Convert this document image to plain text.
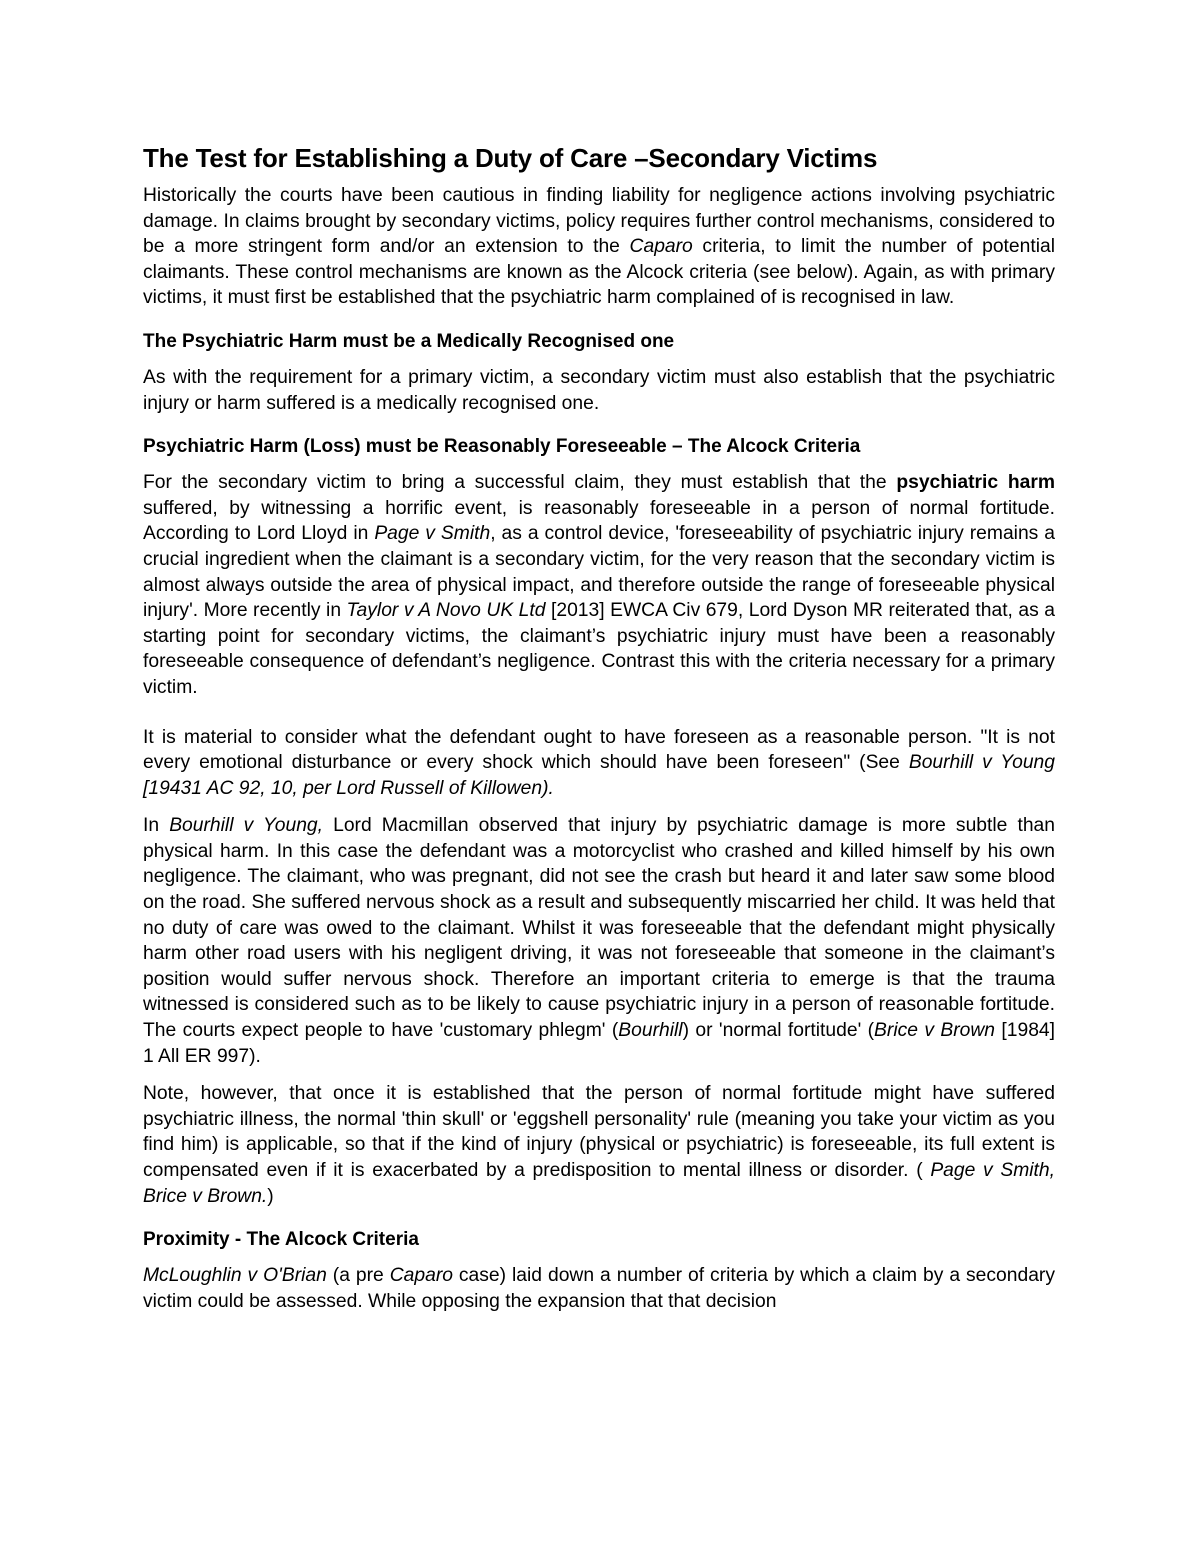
The Test for Establishing a Duty of Care –Secondary Victims

Historically the courts have been cautious in finding liability for negligence actions involving psychiatric damage. In claims brought by secondary victims, policy requires further control mechanisms, considered to be a more stringent form and/or an extension to the Caparo criteria, to limit the number of potential claimants. These control mechanisms are known as the Alcock criteria (see below). Again, as with primary victims, it must first be established that the psychiatric harm complained of is recognised in law.

The Psychiatric Harm must be a Medically Recognised one

As with the requirement for a primary victim, a secondary victim must also establish that the psychiatric injury or harm suffered is a medically recognised one.

Psychiatric Harm (Loss) must be Reasonably Foreseeable – The Alcock Criteria

For the secondary victim to bring a successful claim, they must establish that the psychiatric harm suffered, by witnessing a horrific event, is reasonably foreseeable in a person of normal fortitude. According to Lord Lloyd in Page v Smith, as a control device, 'foreseeability of psychiatric injury remains a crucial ingredient when the claimant is a secondary victim, for the very reason that the secondary victim is almost always outside the area of physical impact, and therefore outside the range of foreseeable physical injury'. More recently in Taylor v A Novo UK Ltd [2013] EWCA Civ 679, Lord Dyson MR reiterated that, as a starting point for secondary victims, the claimant’s psychiatric injury must have been a reasonably foreseeable consequence of defendant’s negligence. Contrast this with the criteria necessary for a primary victim.

It is material to consider what the defendant ought to have foreseen as a reasonable person. "It is not every emotional disturbance or every shock which should have been foreseen" (See Bourhill v Young [19431 AC 92, 10, per Lord Russell of Killowen).

In Bourhill v Young, Lord Macmillan observed that injury by psychiatric damage is more subtle than physical harm. In this case the defendant was a motorcyclist who crashed and killed himself by his own negligence. The claimant, who was pregnant, did not see the crash but heard it and later saw some blood on the road. She suffered nervous shock as a result and subsequently miscarried her child. It was held that no duty of care was owed to the claimant. Whilst it was foreseeable that the defendant might physically harm other road users with his negligent driving, it was not foreseeable that someone in the claimant’s position would suffer nervous shock. Therefore an important criteria to emerge is that the trauma witnessed is considered such as to be likely to cause psychiatric injury in a person of reasonable fortitude. The courts expect people to have 'customary phlegm' (Bourhill) or 'normal fortitude' (Brice v Brown [1984] 1 All ER 997).

Note, however, that once it is established that the person of normal fortitude might have suffered psychiatric illness, the normal 'thin skull' or 'eggshell personality' rule (meaning you take your victim as you find him) is applicable, so that if the kind of injury (physical or psychiatric) is foreseeable, its full extent is compensated even if it is exacerbated by a predisposition to mental illness or disorder. ( Page v Smith, Brice v Brown.)

Proximity - The Alcock Criteria

McLoughlin v O'Brian (a pre Caparo case) laid down a number of criteria by which a claim by a secondary victim could be assessed. While opposing the expansion that that decision
